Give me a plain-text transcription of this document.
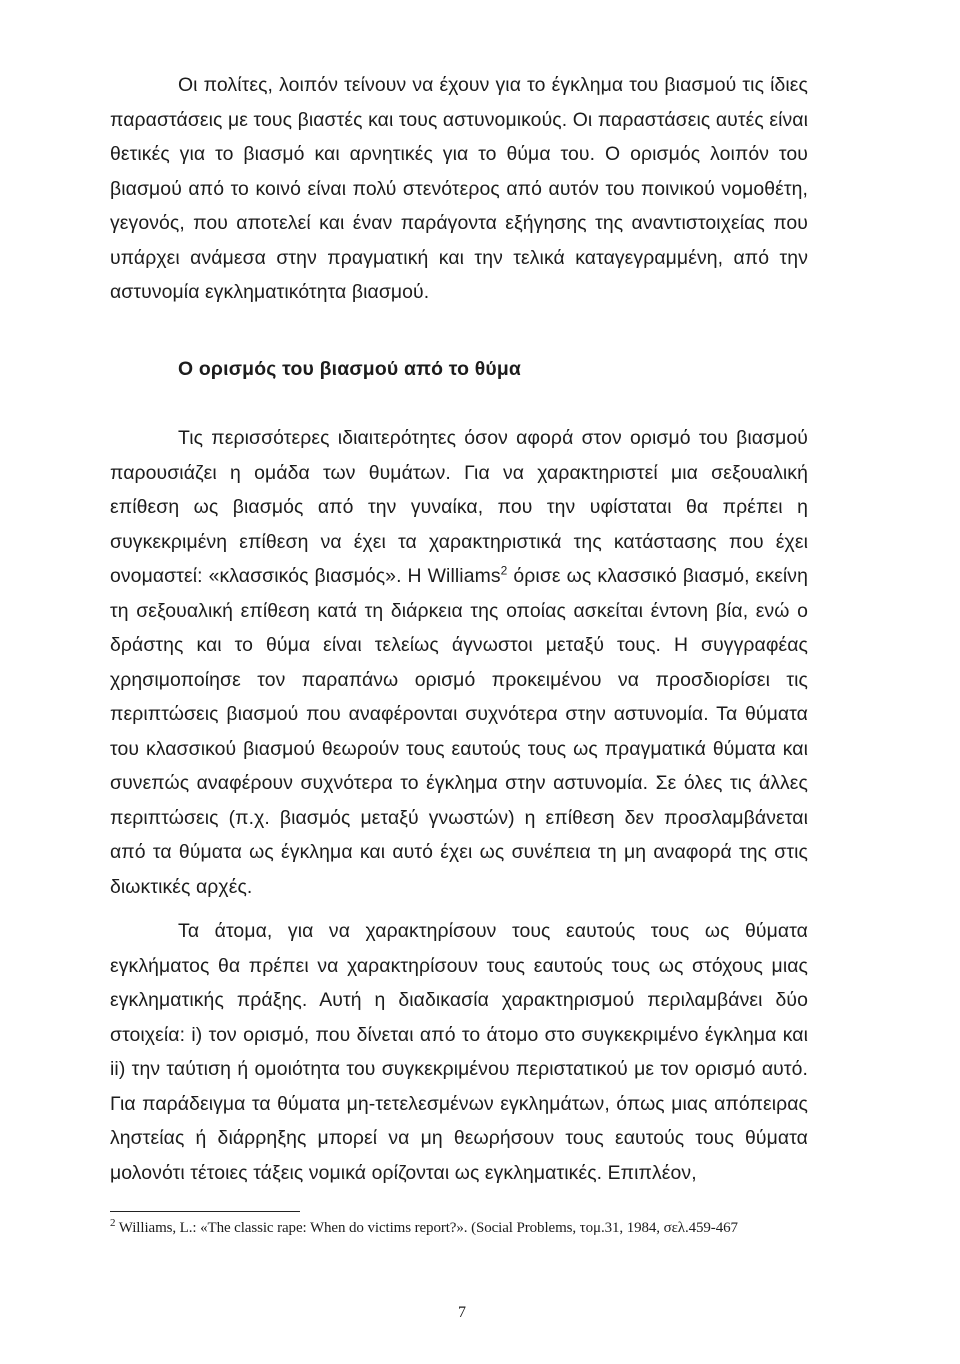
Οι πολίτες, λοιπόν τείνουν να έχουν για το έγκλημα του βιασμού τις ίδιες παραστάσεις με τους βιαστές και τους αστυνομικούς. Οι παραστάσεις αυτές είναι θετικές για το βιασμό και αρνητικές για το θύμα του. Ο ορισμός λοιπόν του βιασμού από το κοινό είναι πολύ στενότερος από αυτόν του ποινικού νομοθέτη, γεγονός, που αποτελεί και έναν παράγοντα εξήγησης της αναντιστοιχείας που υπάρχει ανάμεσα στην πραγματική και την τελικά καταγεγραμμένη, από την αστυνομία εγκληματικότητα βιασμού.

Ο ορισμός του βιασμού από το θύμα

Τις περισσότερες ιδιαιτερότητες όσον αφορά στον ορισμό του βιασμού παρουσιάζει η ομάδα των θυμάτων. Για να χαρακτηριστεί μια σεξουαλική επίθεση ως βιασμός από την γυναίκα, που την υφίσταται θα πρέπει η συγκεκριμένη επίθεση να έχει τα χαρακτηριστικά της κατάστασης που έχει ονομαστεί: «κλασσικός βιασμός». Η Williams$^2$ όρισε ως κλασσικό βιασμό, εκείνη τη σεξουαλική επίθεση κατά τη διάρκεια της οποίας ασκείται έντονη βία, ενώ ο δράστης και το θύμα είναι τελείως άγνωστοι μεταξύ τους. Η συγγραφέας χρησιμοποίησε τον παραπάνω ορισμό προκειμένου να προσδιορίσει τις περιπτώσεις βιασμού που αναφέρονται συχνότερα στην αστυνομία. Τα θύματα του κλασσικού βιασμού θεωρούν τους εαυτούς τους ως πραγματικά θύματα και συνεπώς αναφέρουν συχνότερα το έγκλημα στην αστυνομία. Σε όλες τις άλλες περιπτώσεις (π.χ. βιασμός μεταξύ γνωστών) η επίθεση δεν προσλαμβάνεται από τα θύματα ως έγκλημα και αυτό έχει ως συνέπεια τη μη αναφορά της στις διωκτικές αρχές.

Τα άτομα, για να χαρακτηρίσουν τους εαυτούς τους ως θύματα εγκλήματος θα πρέπει να χαρακτηρίσουν τους εαυτούς τους ως στόχους μιας εγκληματικής πράξης. Αυτή η διαδικασία χαρακτηρισμού περιλαμβάνει δύο στοιχεία: i) τον ορισμό, που δίνεται από το άτομο στο συγκεκριμένο έγκλημα και ii) την ταύτιση ή ομοιότητα του συγκεκριμένου περιστατικού με τον ορισμό αυτό. Για παράδειγμα τα θύματα μη-τετελεσμένων εγκλημάτων, όπως μιας απόπειρας ληστείας ή διάρρηξης μπορεί να μη θεωρήσουν τους εαυτούς τους θύματα μολονότι τέτοιες τάξεις νομικά ορίζονται ως εγκληματικές. Επιπλέον,

$^2$ Williams, L.: «The classic rape: When do victims report?». (Social Problems, τομ.31, 1984, σελ.459-467

7
